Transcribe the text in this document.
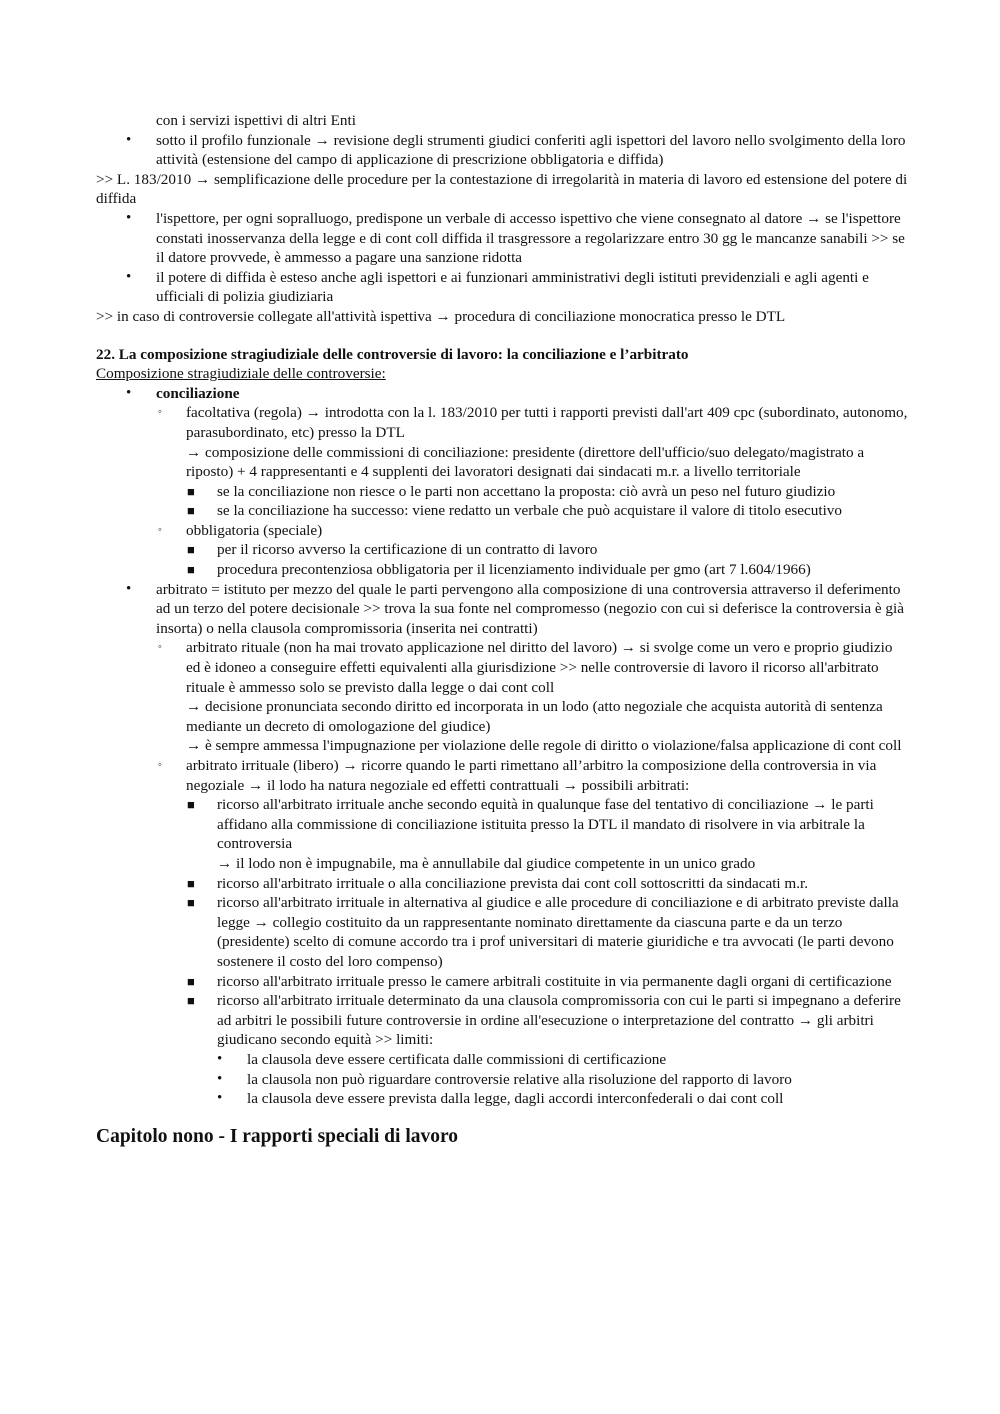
con i servizi ispettivi di altri Enti
• sotto il profilo funzionale → revisione degli strumenti giudici conferiti agli ispettori del lavoro nello svolgimento della loro attività (estensione del campo di applicazione di prescrizione obbligatoria e diffida)
>> L. 183/2010 → semplificazione delle procedure per la contestazione di irregolarità in materia di lavoro ed estensione del potere di diffida
• l'ispettore, per ogni sopralluogo, predispone un verbale di accesso ispettivo che viene consegnato al datore → se l'ispettore constati inosservanza della legge e di cont coll diffida il trasgressore a regolarizzare entro 30 gg le mancanze sanabili >> se il datore provvede, è ammesso a pagare una sanzione ridotta
• il potere di diffida è esteso anche agli ispettori e ai funzionari amministrativi degli istituti previdenziali e agli agenti e ufficiali di polizia giudiziaria
>> in caso di controversie collegate all'attività ispettiva → procedura di conciliazione monocratica presso le DTL
22. La composizione stragiudiziale delle controversie di lavoro: la conciliazione e l’arbitrato
Composizione stragiudiziale delle controversie:
• conciliazione
◦ facoltativa (regola) → introdotta con la l. 183/2010 per tutti i rapporti previsti dall'art 409 cpc (subordinato, autonomo, parasubordinato, etc) presso la DTL
→ composizione delle commissioni di conciliazione: presidente (direttore dell'ufficio/suo delegato/magistrato a riposto) + 4 rappresentanti e 4 supplenti dei lavoratori designati dai sindacati m.r. a livello territoriale
■ se la conciliazione non riesce o le parti non accettano la proposta: ciò avrà un peso nel futuro giudizio
■ se la conciliazione ha successo: viene redatto un verbale che può acquistare il valore di titolo esecutivo
◦ obbligatoria (speciale)
■ per il ricorso avverso la certificazione di un contratto di lavoro
■ procedura precontenziosa obbligatoria per il licenziamento individuale per gmo (art 7 l.604/1966)
• arbitrato = istituto per mezzo del quale le parti pervengono alla composizione di una controversia attraverso il deferimento ad un terzo del potere decisionale >> trova la sua fonte nel compromesso (negozio con cui si deferisce la controversia è già insorta) o nella clausola compromissoria (inserita nei contratti)
◦ arbitrato rituale (non ha mai trovato applicazione nel diritto del lavoro) → si svolge come un vero e proprio giudizio ed è idoneo a conseguire effetti equivalenti alla giurisdizione >> nelle controversie di lavoro il ricorso all'arbitrato rituale è ammesso solo se previsto dalla legge o dai cont coll
→ decisione pronunciata secondo diritto ed incorporata in un lodo (atto negoziale che acquista autorità di sentenza mediante un decreto di omologazione del giudice)
→ è sempre ammessa l'impugnazione per violazione delle regole di diritto o violazione/falsa applicazione di cont coll
◦ arbitrato irrituale (libero) → ricorre quando le parti rimettano all’arbitro la composizione della controversia in via negoziale → il lodo ha natura negoziale ed effetti contrattuali → possibili arbitrati:
■ ricorso all'arbitrato irrituale anche secondo equità in qualunque fase del tentativo di conciliazione → le parti affidano alla commissione di conciliazione istituita presso la DTL il mandato di risolvere in via arbitrale la controversia
→ il lodo non è impugnabile, ma è annullabile dal giudice competente in un unico grado
■ ricorso all'arbitrato irrituale o alla conciliazione prevista dai cont coll sottoscritti da sindacati m.r.
■ ricorso all'arbitrato irrituale in alternativa al giudice e alle procedure di conciliazione e di arbitrato previste dalla legge → collegio costituito da un rappresentante nominato direttamente da ciascuna parte e da un terzo (presidente) scelto di comune accordo tra i prof universitari di materie giuridiche e tra avvocati (le parti devono sostenere il costo del loro compenso)
■ ricorso all'arbitrato irrituale presso le camere arbitrali costituite in via permanente dagli organi di certificazione
■ ricorso all'arbitrato irrituale determinato da una clausola compromissoria con cui le parti si impegnano a deferire ad arbitri le possibili future controversie in ordine all'esecuzione o interpretazione del contratto → gli arbitri giudicano secondo equità >> limiti:
• la clausola deve essere certificata dalle commissioni di certificazione
• la clausola non può riguardare controversie relative alla risoluzione del rapporto di lavoro
• la clausola deve essere prevista dalla legge, dagli accordi interconfederali o dai cont coll
Capitolo nono - I rapporti speciali di lavoro
